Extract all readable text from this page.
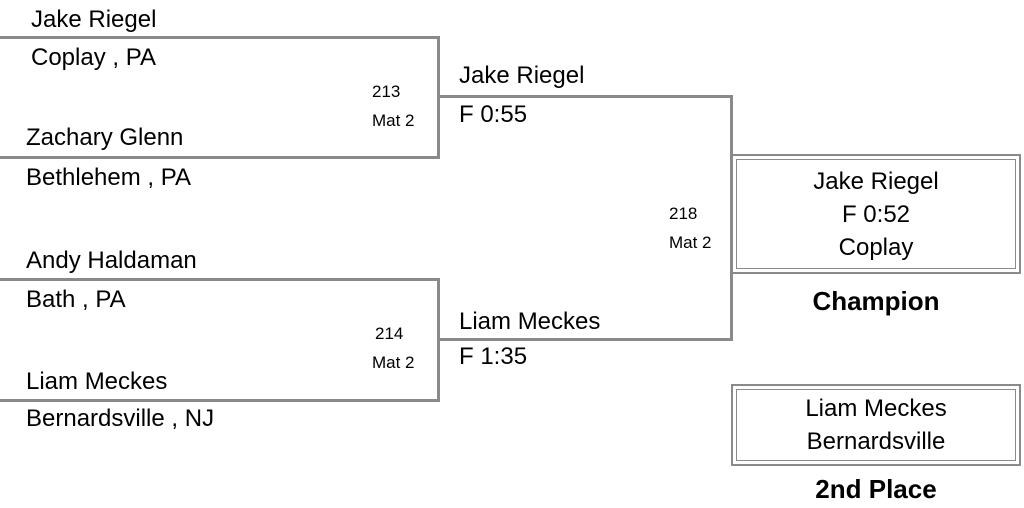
Jake Riegel
Coplay , PA
213
Mat 2
Zachary Glenn
Bethlehem , PA
Andy Haldaman
Bath , PA
214
Mat 2
Liam Meckes
Bernardsville , NJ
Jake Riegel
F 0:55
218
Mat 2
Liam Meckes
F 1:35
Jake Riegel
F 0:52
Coplay
Champion
Liam Meckes
Bernardsville
2nd Place
